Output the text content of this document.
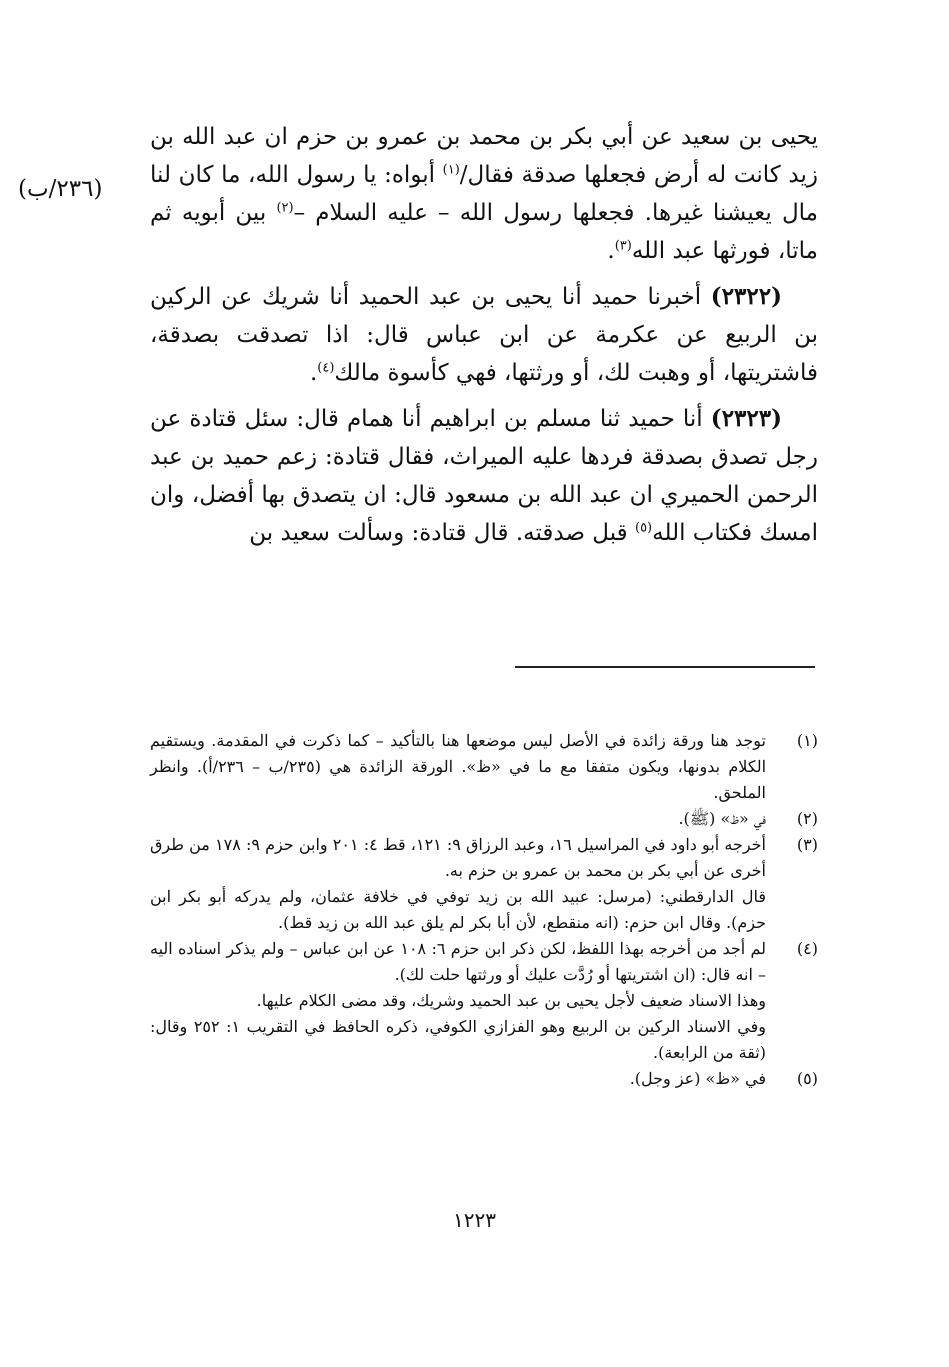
(٢٣٦/ب)

يحيى بن سعيد عن أبي بكر بن محمد بن عمرو بن حزم ان عبد الله بن زيد كانت له أرض فجعلها صدقة فقال/$^{(١)}$ أبواه: يا رسول الله، ما كان لنا مال يعيشنا غيرها. فجعلها رسول الله – عليه السلام –$^{(٢)}$ بين أبويه ثم ماتا، فورثها عبد الله$^{(٣)}$.

(٢٣٢٢) أخبرنا حميد أنا يحيى بن عبد الحميد أنا شريك عن الركين بن الربيع عن عكرمة عن ابن عباس قال: اذا تصدقت بصدقة، فاشتريتها، أو وهبت لك، أو ورثتها، فهي كأسوة مالك$^{(٤)}$.

(٢٣٢٣) أنا حميد ثنا مسلم بن ابراهيم أنا همام قال: سئل قتادة عن رجل تصدق بصدقة فردها عليه الميراث، فقال قتادة: زعم حميد بن عبد الرحمن الحميري ان عبد الله بن مسعود قال: ان يتصدق بها أفضل، وان امسك فكتاب الله$^{(٥)}$ قبل صدقته. قال قتادة: وسألت سعيد بن

(١)

توجد هنا ورقة زائدة في الأصل ليس موضعها هنا بالتأكيد – كما ذكرت في المقدمة. ويستقيم الكلام بدونها، ويكون متفقا مع ما في «ظ». الورقة الزائدة هي (٢٣٥/ب – ٢٣٦/أ). وانظر الملحق.

(٢)

في «ظ» (ﷺ).

(٣)

أخرجه أبو داود في المراسيل ١٦، وعبد الرزاق ٩: ١٢١، قط ٤: ٢٠١ وابن حزم ٩: ١٧٨ من طرق أخرى عن أبي بكر بن محمد بن عمرو بن حزم به.

قال الدارقطني: (مرسل: عبيد الله بن زيد توفي في خلافة عثمان، ولم يدركه أبو بكر ابن حزم). وقال ابن حزم: (انه منقطع، لأن أبا بكر لم يلق عبد الله بن زيد قط).

(٤)

لم أجد من أخرجه بهذا اللفظ، لكن ذكر ابن حزم ٦: ١٠٨ عن ابن عباس – ولم يذكر اسناده اليه – انه قال: (ان اشتريتها أو رُدَّت عليك أو ورثتها حلت لك).

وهذا الاسناد ضعيف لأجل يحيى بن عبد الحميد وشريك، وقد مضى الكلام عليها.

وفي الاسناد الركين بن الربيع وهو الفزازي الكوفي، ذكره الحافظ في التقريب ١: ٢٥٢ وقال: (ثقة من الرابعة).

(٥)

في «ظ» (عز وجل).

١٢٢٣
